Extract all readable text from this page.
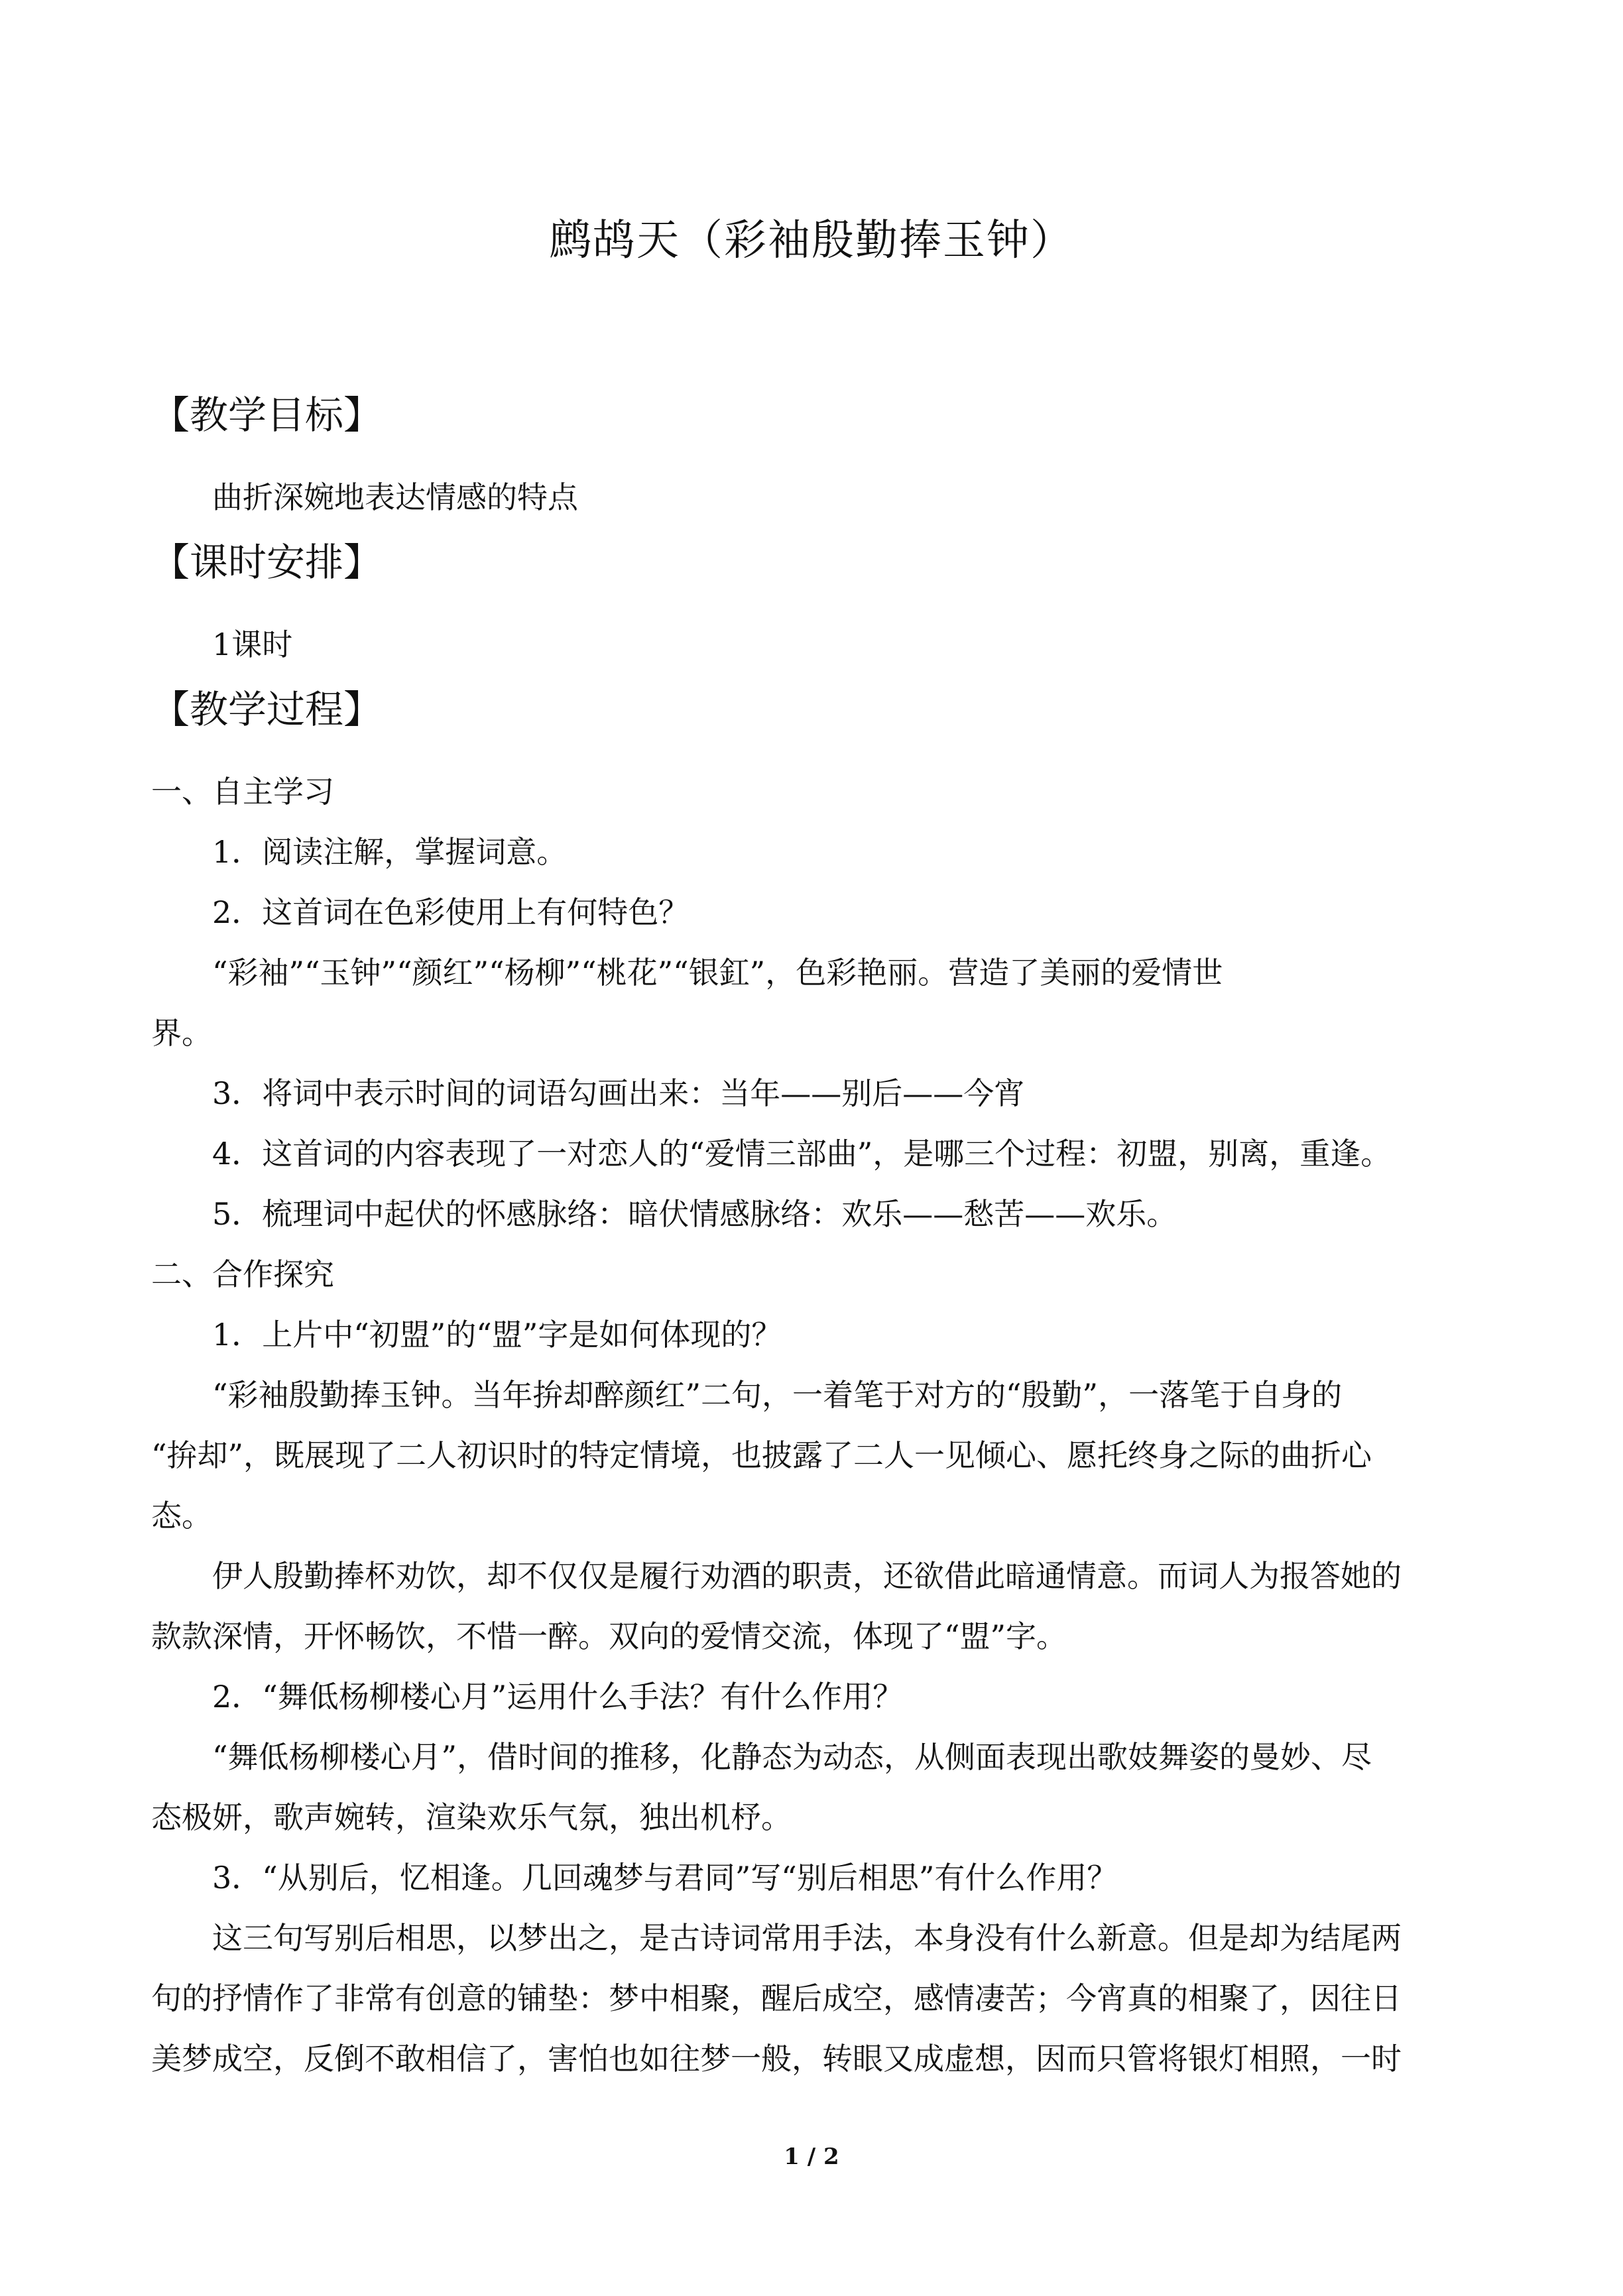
鹧鸪天（彩袖殷勤捧玉钟）
【教学目标】
曲折深婉地表达情感的特点
【课时安排】
1课时
【教学过程】
一、自主学习
1．阅读注解，掌握词意。
2．这首词在色彩使用上有何特色？
“彩袖”“玉钟”“颜红”“杨柳”“桃花”“银釭”，色彩艳丽。营造了美丽的爱情世
界。
3．将词中表示时间的词语勾画出来：当年——别后——今宵
4．这首词的内容表现了一对恋人的“爱情三部曲”，是哪三个过程：初盟，别离，重逢。
5．梳理词中起伏的怀感脉络：暗伏情感脉络：欢乐——愁苦——欢乐。
二、合作探究
1．上片中“初盟”的“盟”字是如何体现的？
“彩袖殷勤捧玉钟。当年拚却醉颜红”二句，一着笔于对方的“殷勤”，一落笔于自身的
“拚却”，既展现了二人初识时的特定情境，也披露了二人一见倾心、愿托终身之际的曲折心
态。
伊人殷勤捧杯劝饮，却不仅仅是履行劝酒的职责，还欲借此暗通情意。而词人为报答她的
款款深情，开怀畅饮，不惜一醉。双向的爱情交流，体现了“盟”字。
2．“舞低杨柳楼心月”运用什么手法？有什么作用？
“舞低杨柳楼心月”，借时间的推移，化静态为动态，从侧面表现出歌妓舞姿的曼妙、尽
态极妍，歌声婉转，渲染欢乐气氛，独出机杼。
3．“从别后，忆相逢。几回魂梦与君同”写“别后相思”有什么作用？
这三句写别后相思，以梦出之，是古诗词常用手法，本身没有什么新意。但是却为结尾两
句的抒情作了非常有创意的铺垫：梦中相聚，醒后成空，感情凄苦；今宵真的相聚了，因往日
美梦成空，反倒不敢相信了，害怕也如往梦一般，转眼又成虚想，因而只管将银灯相照，一时
1 / 2
